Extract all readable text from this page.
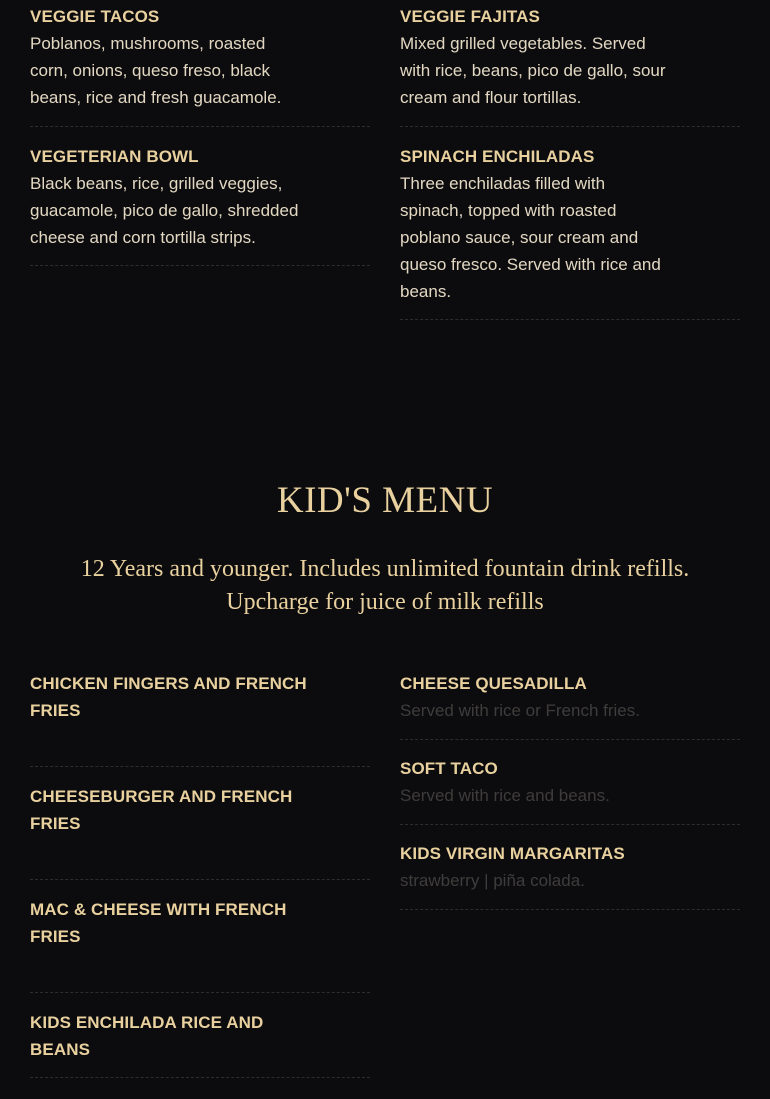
VEGGIE TACOS
Poblanos, mushrooms, roasted corn, onions, queso freso, black beans, rice and fresh guacamole.
VEGETERIAN BOWL
Black beans, rice, grilled veggies, guacamole, pico de gallo, shredded cheese and corn tortilla strips.
VEGGIE FAJITAS
Mixed grilled vegetables. Served with rice, beans, pico de gallo, sour cream and flour tortillas.
SPINACH ENCHILADAS
Three enchiladas filled with spinach, topped with roasted poblano sauce, sour cream and queso fresco. Served with rice and beans.
KID'S MENU
12 Years and younger. Includes unlimited fountain drink refills. Upcharge for juice of milk refills
CHICKEN FINGERS AND FRENCH FRIES
CHEESEBURGER AND FRENCH FRIES
MAC & CHEESE WITH FRENCH FRIES
KIDS ENCHILADA RICE AND BEANS
CHEESE QUESADILLA
Served with rice or French fries.
SOFT TACO
Served with rice and beans.
KIDS VIRGIN MARGARITAS
strawberry | piña colada.
